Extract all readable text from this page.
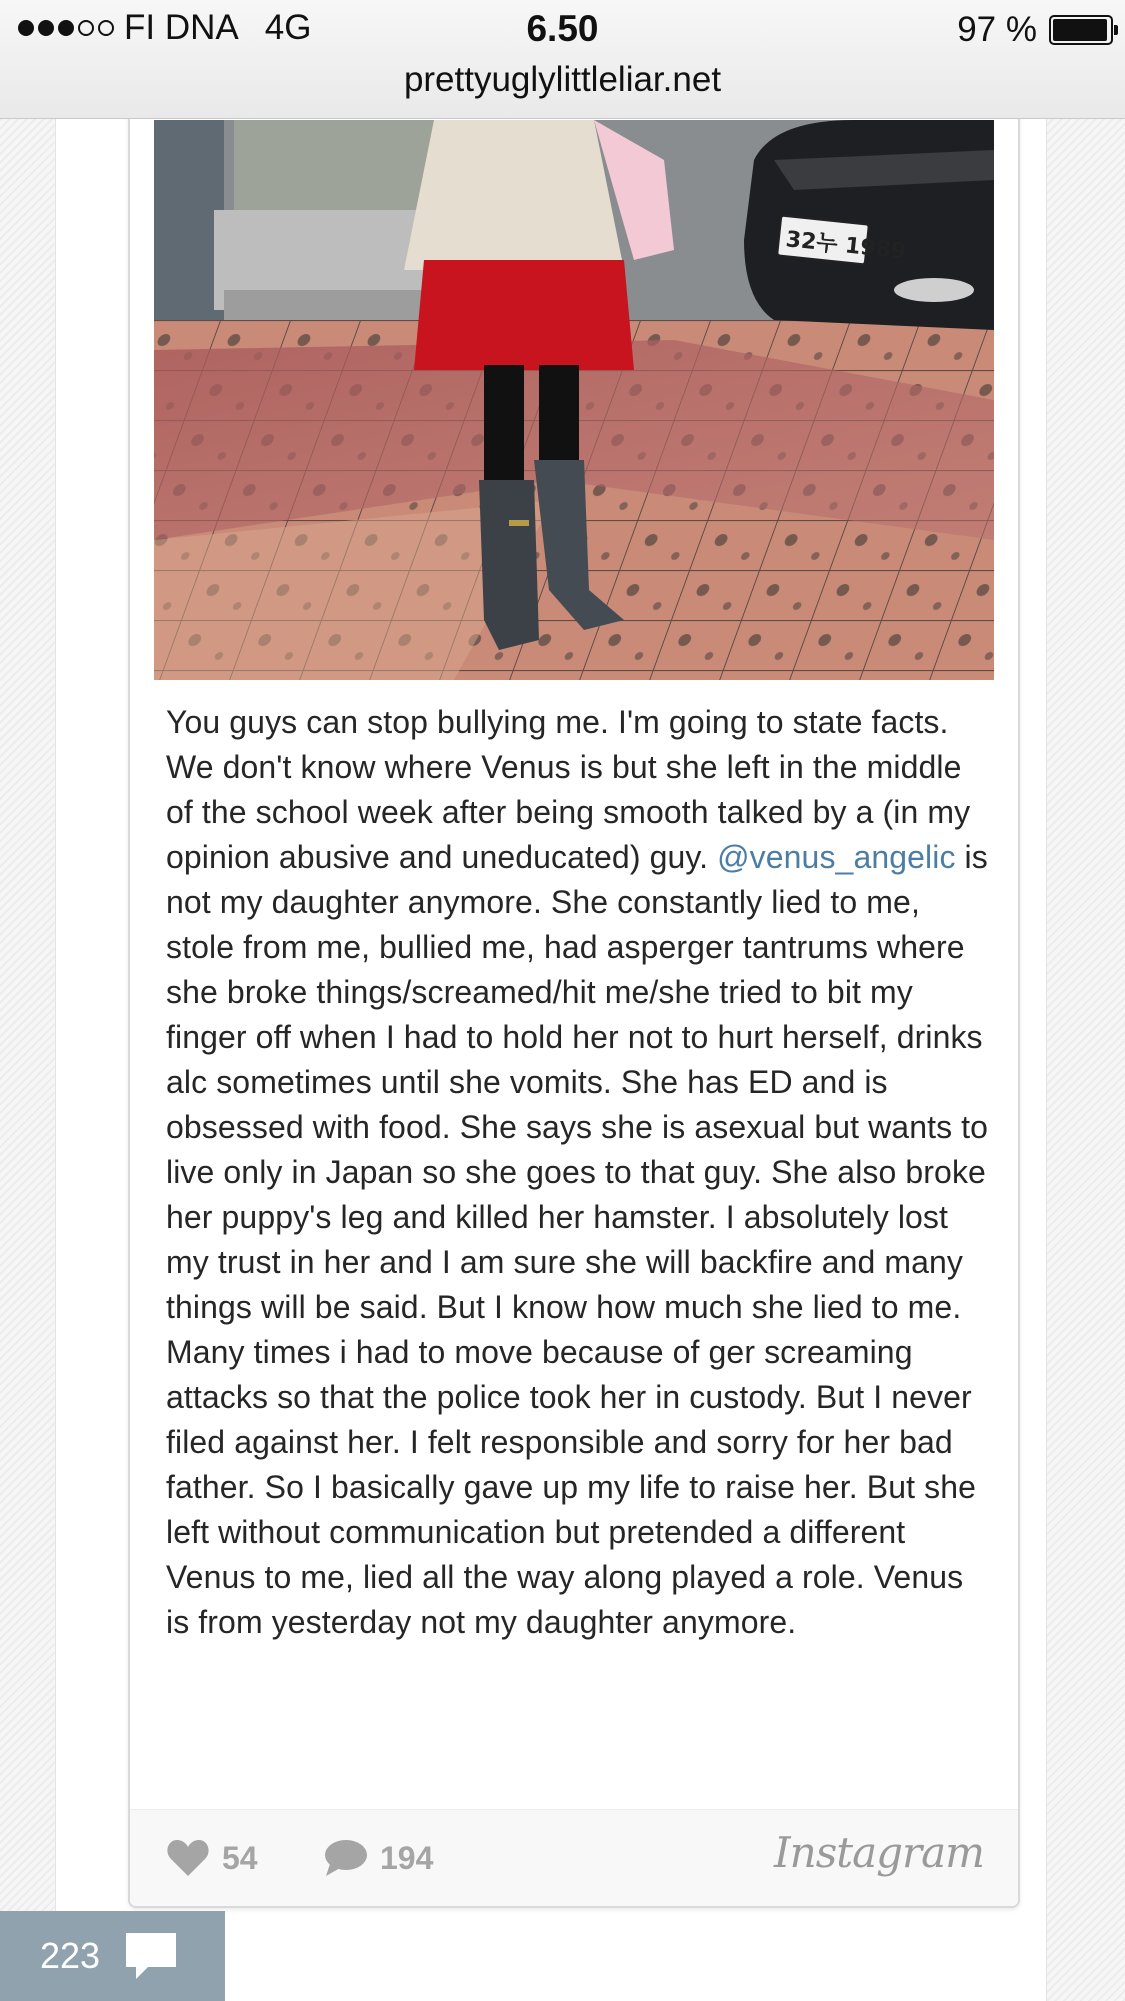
FI DNA 4G	6.50	97 %
prettyuglylittleliar.net
32누 1989
You guys can stop bullying me. I'm going to state facts. We don't know where Venus is but she left in the middle of the school week after being smooth talked by a (in my opinion abusive and uneducated) guy. @venus_angelic is not my daughter anymore. She constantly lied to me, stole from me, bullied me, had asperger tantrums where she broke things/screamed/hit me/she tried to bit my finger off when I had to hold her not to hurt herself, drinks alc sometimes until she vomits. She has ED and is obsessed with food. She says she is asexual but wants to live only in Japan so she goes to that guy. She also broke her puppy's leg and killed her hamster. I absolutely lost my trust in her and I am sure she will backfire and many things will be said. But I know how much she lied to me. Many times i had to move because of ger screaming attacks so that the police took her in custody. But I never filed against her. I felt responsible and sorry for her bad father. So I basically gave up my life to raise her. But she left without communication but pretended a different Venus to me, lied all the way along played a role. Venus is from yesterday not my daughter anymore.
54	194	Instagram
223
